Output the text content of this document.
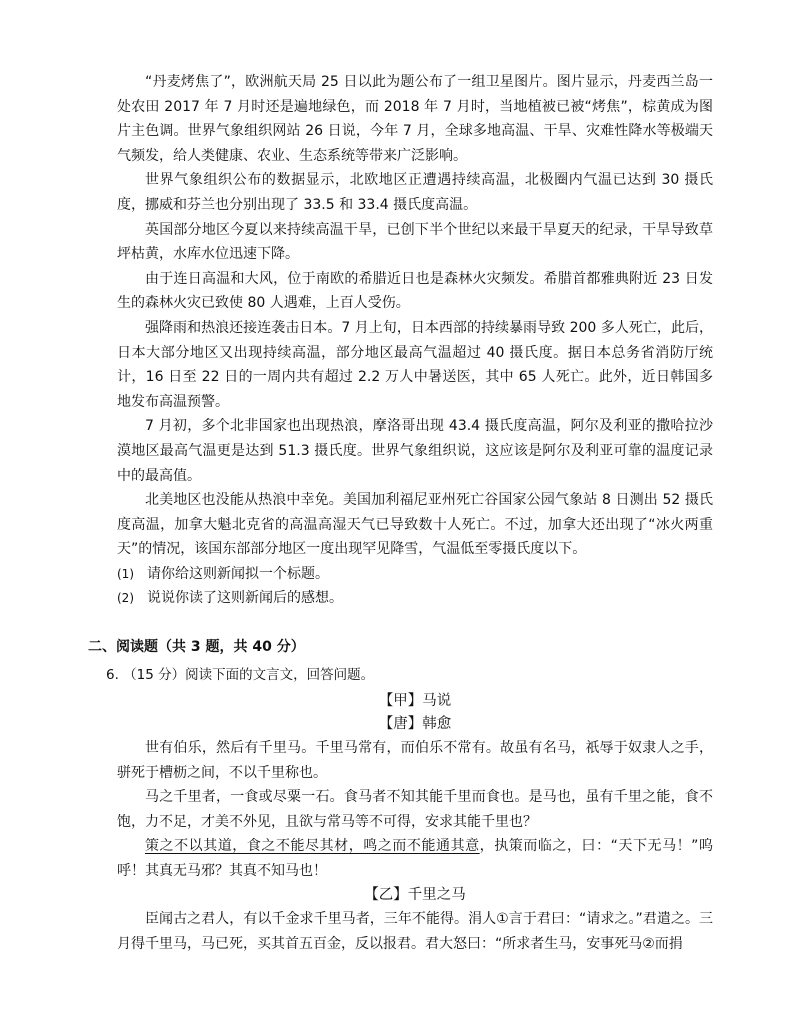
“丹麦烤焦了”，欧洲航天局 25 日以此为题公布了一组卫星图片。图片显示，丹麦西兰岛一处农田 2017 年 7 月时还是遍地绿色，而 2018 年 7 月时，当地植被已被“烤焦”，棕黄成为图片主色调。世界气象组织网站 26 日说，今年 7 月，全球多地高温、干旱、灾难性降水等极端天气频发，给人类健康、农业、生态系统等带来广泛影响。

世界气象组织公布的数据显示，北欧地区正遭遇持续高温，北极圈内气温已达到 30 摄氏度，挪威和芬兰也分别出现了 33.5 和 33.4 摄氏度高温。

英国部分地区今夏以来持续高温干旱，已创下半个世纪以来最干旱夏天的纪录，干旱导致草坪枯黄，水库水位迅速下降。

由于连日高温和大风，位于南欧的希腊近日也是森林火灾频发。希腊首都雅典附近 23 日发生的森林火灾已致使 80 人遇难，上百人受伤。

强降雨和热浪还接连袭击日本。7 月上旬，日本西部的持续暴雨导致 200 多人死亡，此后，日本大部分地区又出现持续高温，部分地区最高气温超过 40 摄氏度。据日本总务省消防厅统计，16 日至 22 日的一周内共有超过 2.2 万人中暑送医，其中 65 人死亡。此外，近日韩国多地发布高温预警。

7 月初，多个北非国家也出现热浪，摩洛哥出现 43.4 摄氏度高温，阿尔及利亚的撒哈拉沙漠地区最高气温更是达到 51.3 摄氏度。世界气象组织说，这应该是阿尔及利亚可靠的温度记录中的最高值。

北美地区也没能从热浪中幸免。美国加利福尼亚州死亡谷国家公园气象站 8 日测出 52 摄氏度高温，加拿大魁北克省的高温高湿天气已导致数十人死亡。不过，加拿大还出现了“冰火两重天”的情况，该国东部部分地区一度出现罕见降雪，气温低至零摄氏度以下。

(1) 请你给这则新闻拟一个标题。

(2) 说说你读了这则新闻后的感想。

二、阅读题（共 3 题，共 40 分）
6. （15 分）阅读下面的文言文，回答问题。
【甲】马说
【唐】韩愈

世有伯乐，然后有千里马。千里马常有，而伯乐不常有。故虽有名马，祇辱于奴隶人之手，骈死于槽枥之间，不以千里称也。

马之千里者，一食或尽粟一石。食马者不知其能千里而食也。是马也，虽有千里之能，食不饱，力不足，才美不外见，且欲与常马等不可得，安求其能千里也？

策之不以其道，食之不能尽其材，鸣之而不能通其意，执策而临之，曰：“天下无马！”呜呼！其真无马邪？其真不知马也！

【乙】千里之马

臣闻古之君人，有以千金求千里马者，三年不能得。涓人①言于君曰：“请求之。”君遣之。三月得千里马，马已死，买其首五百金，反以报君。君大怒曰：“所求者生马，安事死马②而捐
